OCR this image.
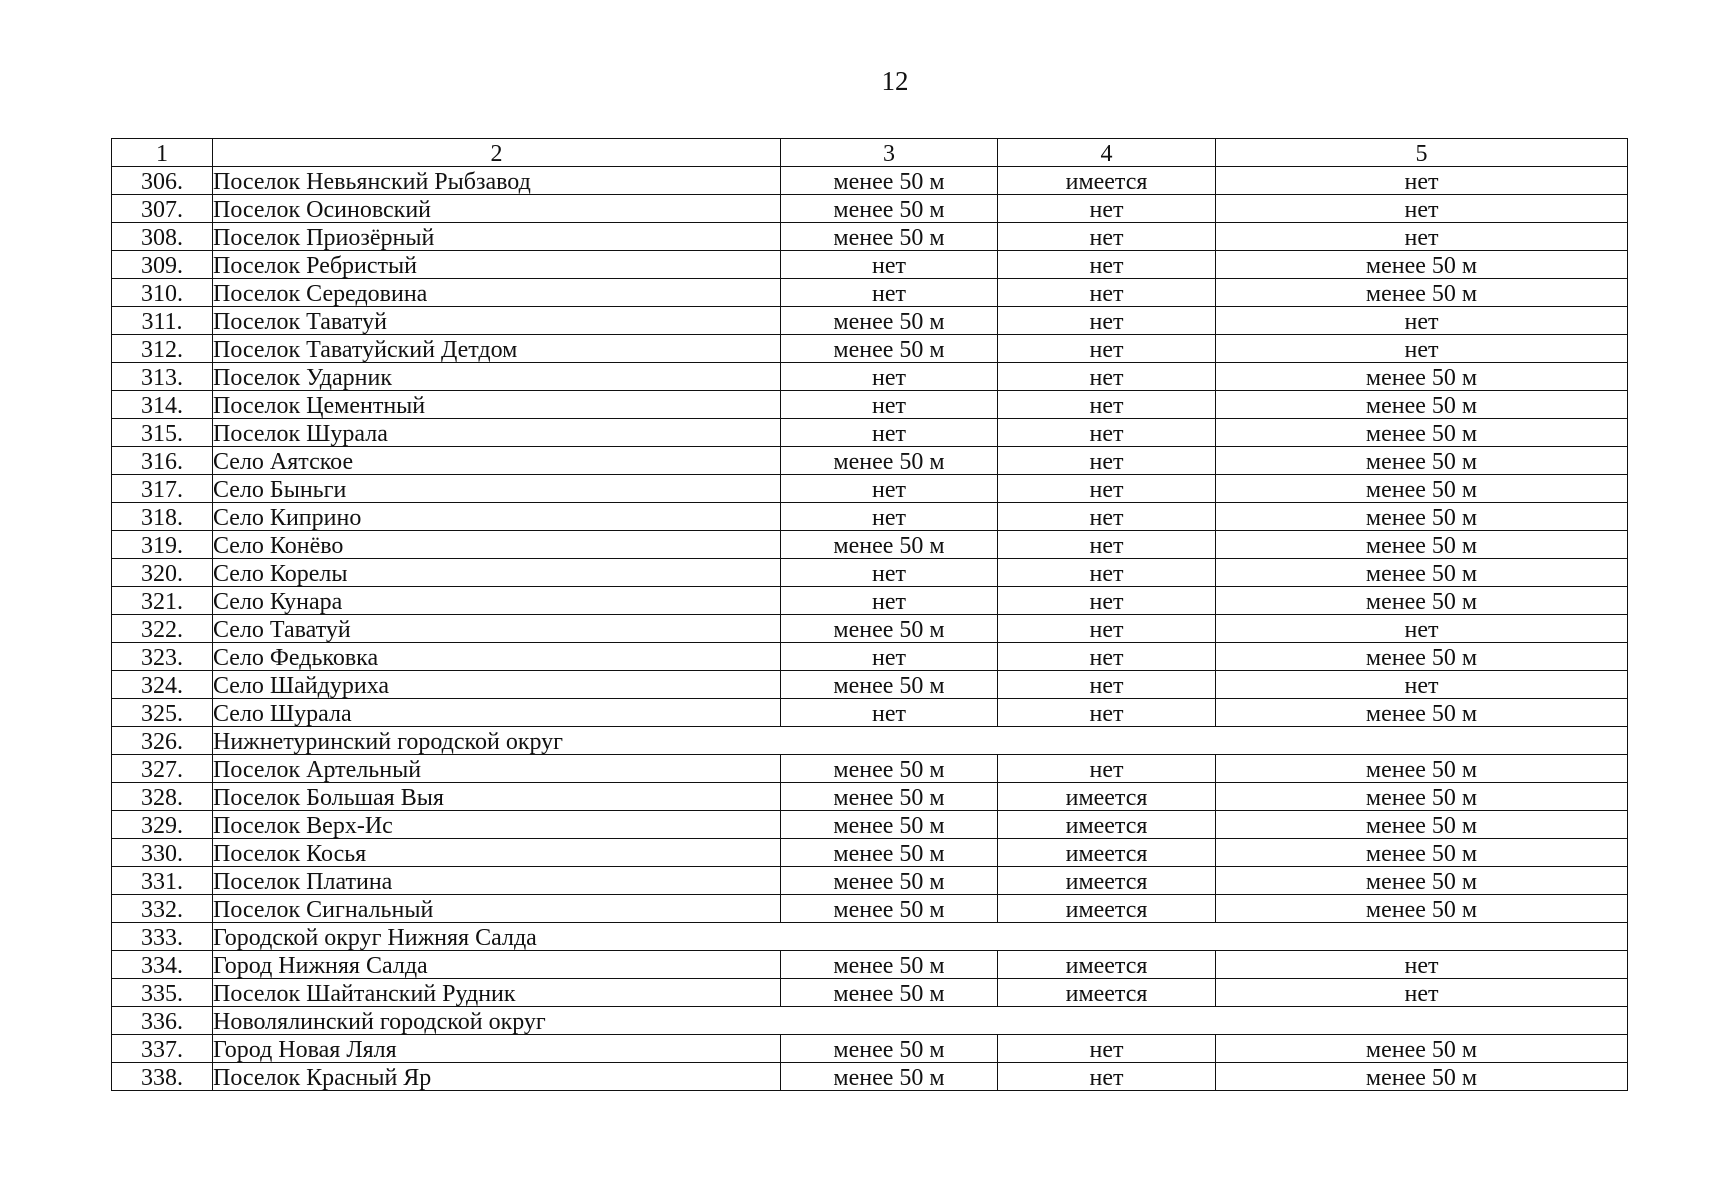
12
1	2	3	4	5
306.	Поселок Невьянский Рыбзавод	менее 50 м	имеется	нет
307.	Поселок Осиновский	менее 50 м	нет	нет
308.	Поселок Приозёрный	менее 50 м	нет	нет
309.	Поселок Ребристый	нет	нет	менее 50 м
310.	Поселок Середовина	нет	нет	менее 50 м
311.	Поселок Таватуй	менее 50 м	нет	нет
312.	Поселок Таватуйский Детдом	менее 50 м	нет	нет
313.	Поселок Ударник	нет	нет	менее 50 м
314.	Поселок Цементный	нет	нет	менее 50 м
315.	Поселок Шурала	нет	нет	менее 50 м
316.	Село Аятское	менее 50 м	нет	менее 50 м
317.	Село Быньги	нет	нет	менее 50 м
318.	Село Киприно	нет	нет	менее 50 м
319.	Село Конёво	менее 50 м	нет	менее 50 м
320.	Село Корелы	нет	нет	менее 50 м
321.	Село Кунара	нет	нет	менее 50 м
322.	Село Таватуй	менее 50 м	нет	нет
323.	Село Федьковка	нет	нет	менее 50 м
324.	Село Шайдуриха	менее 50 м	нет	нет
325.	Село Шурала	нет	нет	менее 50 м
326.	Нижнетуринский городской округ			
327.	Поселок Артельный	менее 50 м	нет	менее 50 м
328.	Поселок Большая Выя	менее 50 м	имеется	менее 50 м
329.	Поселок Верх-Ис	менее 50 м	имеется	менее 50 м
330.	Поселок Косья	менее 50 м	имеется	менее 50 м
331.	Поселок Платина	менее 50 м	имеется	менее 50 м
332.	Поселок Сигнальный	менее 50 м	имеется	менее 50 м
333.	Городской округ Нижняя Салда			
334.	Город Нижняя Салда	менее 50 м	имеется	нет
335.	Поселок Шайтанский Рудник	менее 50 м	имеется	нет
336.	Новолялинский городской округ			
337.	Город Новая Ляля	менее 50 м	нет	менее 50 м
338.	Поселок Красный Яр	менее 50 м	нет	менее 50 м
